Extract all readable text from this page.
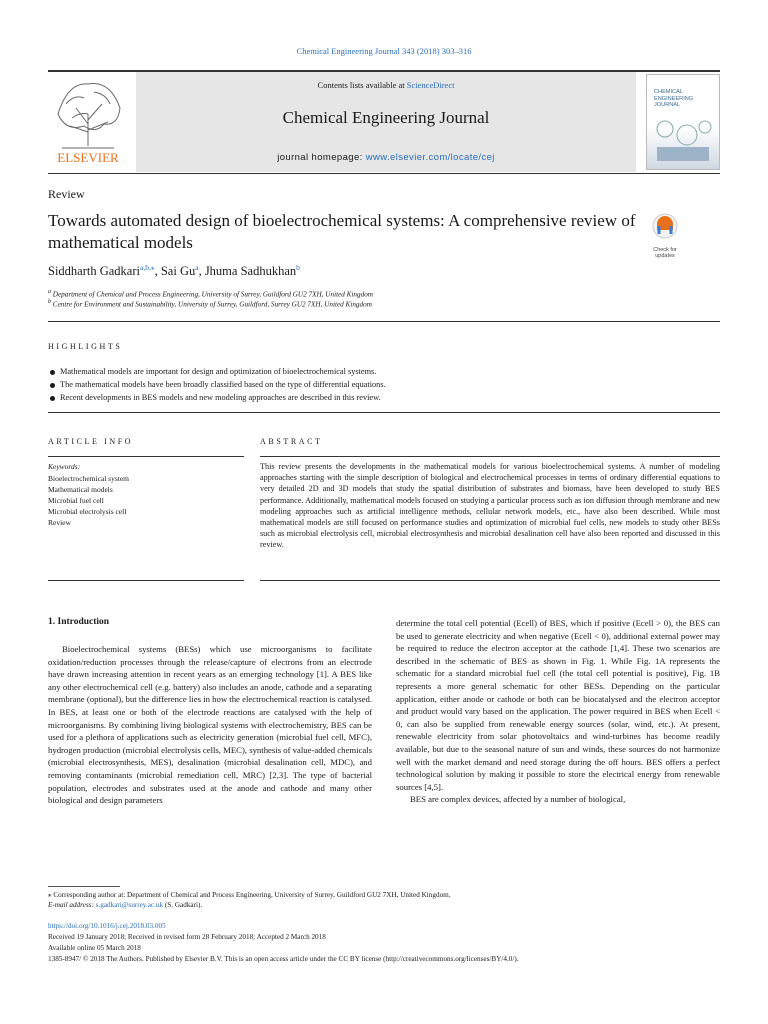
Chemical Engineering Journal 343 (2018) 303–316
ELSEVIER
Contents lists available at ScienceDirect
Chemical Engineering Journal
journal homepage: www.elsevier.com/locate/cej
CHEMICAL
ENGINEERING
JOURNAL
Review
Towards automated design of bioelectrochemical systems: A comprehensive review of mathematical models	Check for
updates
Siddharth Gadkari$^{a,b,⁎}$, Sai Gu$^a$, Jhuma Sadhukhan$^b$
$^a$ Department of Chemical and Process Engineering, University of Surrey, Guildford GU2 7XH, United Kingdom
$^b$ Centre for Environment and Sustainability, University of Surrey, Guildford, Surrey GU2 7XH, United Kingdom
HIGHLIGHTS
Mathematical models are important for design and optimization of bioelectrochemical systems.
The mathematical models have been broadly classified based on the type of differential equations.
Recent developments in BES models and new modeling approaches are described in this review.
ARTICLE INFO	ABSTRACT
Keywords:
Bioelectrochemical system
Mathematical models
Microbial fuel cell
Microbial electrolysis cell
Review
This review presents the developments in the mathematical models for various bioelectrochemical systems. A number of modeling approaches starting with the simple description of biological and electrochemical processes in terms of ordinary differential equations to very detailed 2D and 3D models that study the spatial distribution of substrates and biomass, have been developed to study BES performance. Additionally, mathematical models focused on studying a particular process such as ion diffusion through membrane and new modeling approaches such as artificial intelligence methods, cellular network models, etc., have also been described. While most mathematical models are still focused on performance studies and optimization of microbial fuel cells, new models to study other BESs such as microbial electrolysis cell, microbial electrosynthesis and microbial desalination cell have also been reported and discussed in this review.
1. Introduction

Bioelectrochemical systems (BESs) which use microorganisms to facilitate oxidation/reduction processes through the release/capture of electrons from an electrode have drawn increasing attention in recent years as an emerging technology [1]. A BES like any other electrochemical cell (e.g. battery) also includes an anode, cathode and a separating membrane (optional), but the difference lies in how the electrochemical reaction is catalysed. In BES, at least one or both of the electrode reactions are catalysed with the help of microorganisms. By combining living biological systems with electrochemistry, BES can be used for a plethora of applications such as electricity generation (microbial fuel cell, MFC), hydrogen production (microbial electrolysis cells, MEC), synthesis of value-added chemicals (microbial electrosynthesis, MES), desalination (microbial desalination cell, MDC), and removing contaminants (microbial remediation cell, MRC) [2,3]. The type of bacterial population, electrodes and substrates used at the anode and cathode and many other biological and design parameters

determine the total cell potential (Ecell) of BES, which if positive (Ecell > 0), the BES can be used to generate electricity and when negative (Ecell < 0), additional external power may be required to reduce the electron acceptor at the cathode [1,4]. These two scenarios are described in the schematic of BES as shown in Fig. 1. While Fig. 1A represents the schematic for a standard microbial fuel cell (the total cell potential is positive), Fig. 1B represents a more general schematic for other BESs. Depending on the particular application, either anode or cathode or both can be biocatalysed and the electron acceptor and product would vary based on the application. The power required in BES when Ecell < 0, can also be supplied from renewable energy sources (solar, wind, etc.). At present, renewable electricity from solar photovoltaics and wind-turbines has become readily available, but due to the seasonal nature of sun and winds, these sources do not harmonize well with the market demand and need storage during the off hours. BES offers a perfect technological solution by making it possible to store the electrical energy from renewable sources [4,5].

BES are complex devices, affected by a number of biological,

⁎ Corresponding author at: Department of Chemical and Process Engineering, University of Surrey, Guildford GU2 7XH, United Kingdom.
E-mail address: s.gadkari@surrey.ac.uk (S. Gadkari).
https://doi.org/10.1016/j.cej.2018.03.005
Received 19 January 2018; Received in revised form 28 February 2018; Accepted 2 March 2018
Available online 05 March 2018
1385-8947/ © 2018 The Authors. Published by Elsevier B.V. This is an open access article under the CC BY license (http://creativecommons.org/licenses/BY/4.0/).
